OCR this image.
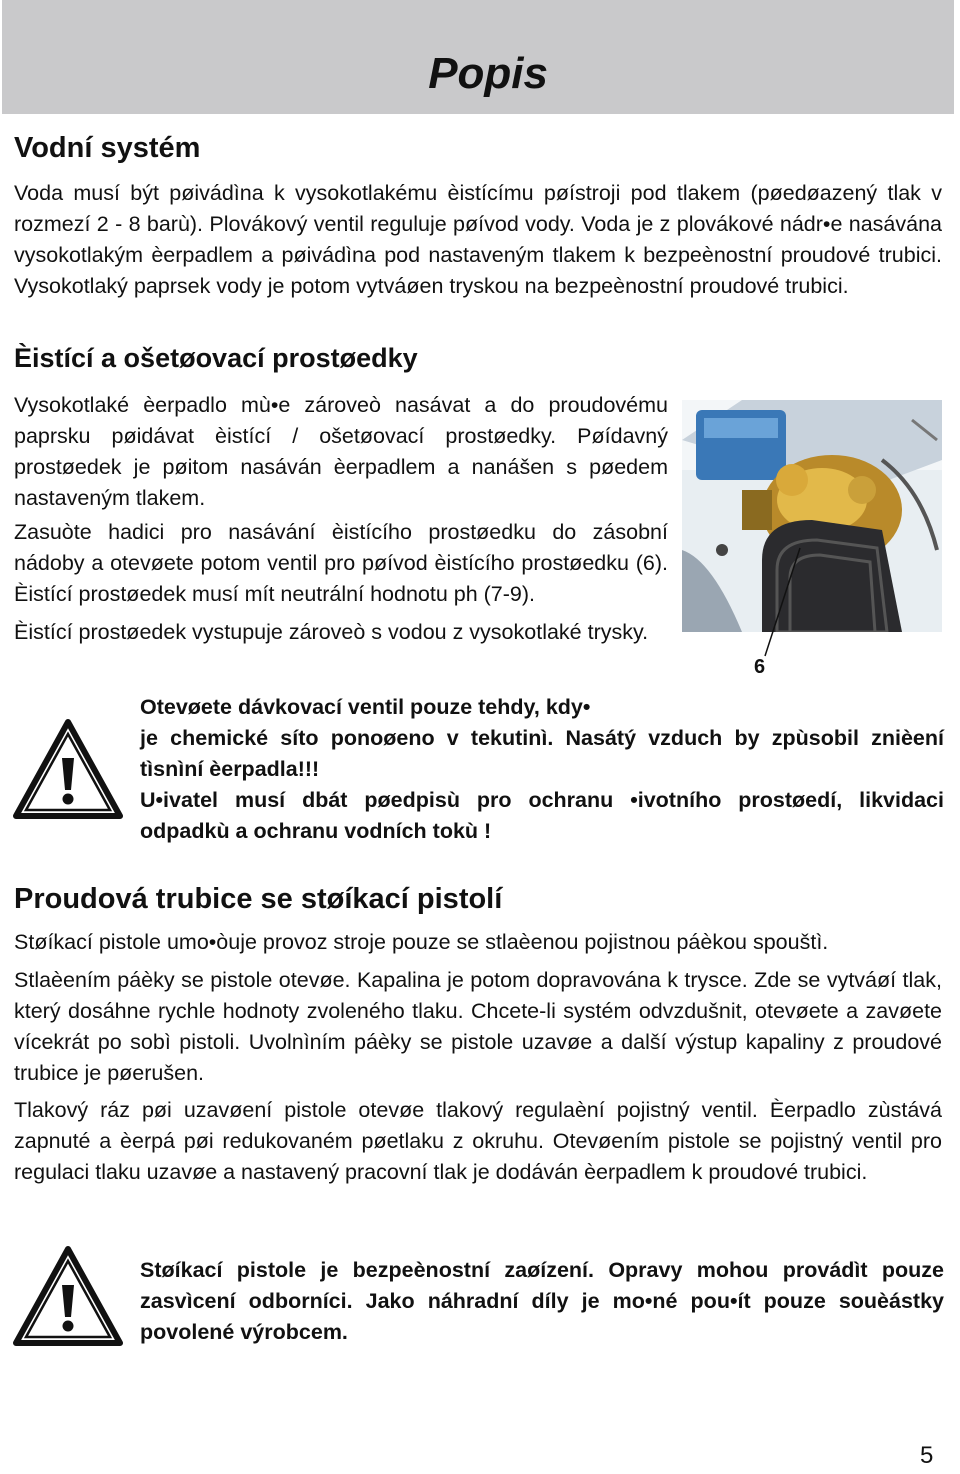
Popis
Vodní systém

Voda musí být pøivádìna k vysokotlakému èistícímu pøístroji pod tlakem (pøedøazený tlak v rozmezí 2 - 8 barù). Plovákový ventil reguluje pøívod vody. Voda je z plovákové nádr•e nasávána vysokotlakým èerpadlem a pøivádìna pod nastaveným tlakem k bezpeènostní proudové trubici. Vysokotlaký paprsek vody je potom vytváøen tryskou na bezpeènostní proudové trubici.

Èistící a ošetøovací prostøedky

Vysokotlaké èerpadlo mù•e zároveò nasávat a do proudovému paprsku pøidávat èistící / ošetøovací prostøedky. Pøídavný prostøedek je pøitom nasáván èerpadlem a nanášen s pøedem nastaveným tlakem.

Zasuòte hadici pro nasávání èistícího prostøedku do zásobní nádoby a otevøete potom ventil pro pøívod èistícího prostøedku (6). Èistící prostøedek musí mít neutrální hodnotu ph (7-9).

Èistící prostøedek vystupuje zároveò s vodou z vysokotlaké trysky.

6
Otevøete dávkovací ventil pouze tehdy, kdy•
je chemické síto ponoøeno v tekutinì. Nasátý vzduch by zpùsobil znièení tìsnìní èerpadla!!!
U•ivatel musí dbát pøedpisù pro ochranu •ivotního prostøedí, likvidaci odpadkù a ochranu vodních tokù !
Proudová trubice se støíkací pistolí

Støíkací pistole umo•òuje provoz stroje pouze se stlaèenou pojistnou páèkou spouštì.

Stlaèením páèky se pistole otevøe. Kapalina je potom dopravována k trysce. Zde se vytváøí tlak, který dosáhne rychle hodnoty zvoleného tlaku. Chcete-li systém odvzdušnit, otevøete a zavøete vícekrát po sobì pistoli. Uvolnìním páèky se pistole uzavøe a další výstup kapaliny z proudové trubice je pøerušen.

Tlakový ráz pøi uzavøení pistole otevøe tlakový regulaèní pojistný ventil. Èerpadlo zùstává zapnuté a èerpá pøi redukovaném pøetlaku z okruhu. Otevøením pistole se pojistný ventil pro regulaci tlaku uzavøe a nastavený pracovní tlak je dodáván èerpadlem k proudové trubici.

Støíkací pistole je bezpeènostní zaøízení. Opravy mohou provádìt pouze zasvìcení odborníci. Jako náhradní díly je mo•né pou•ít pouze souèástky povolené výrobcem.

5
